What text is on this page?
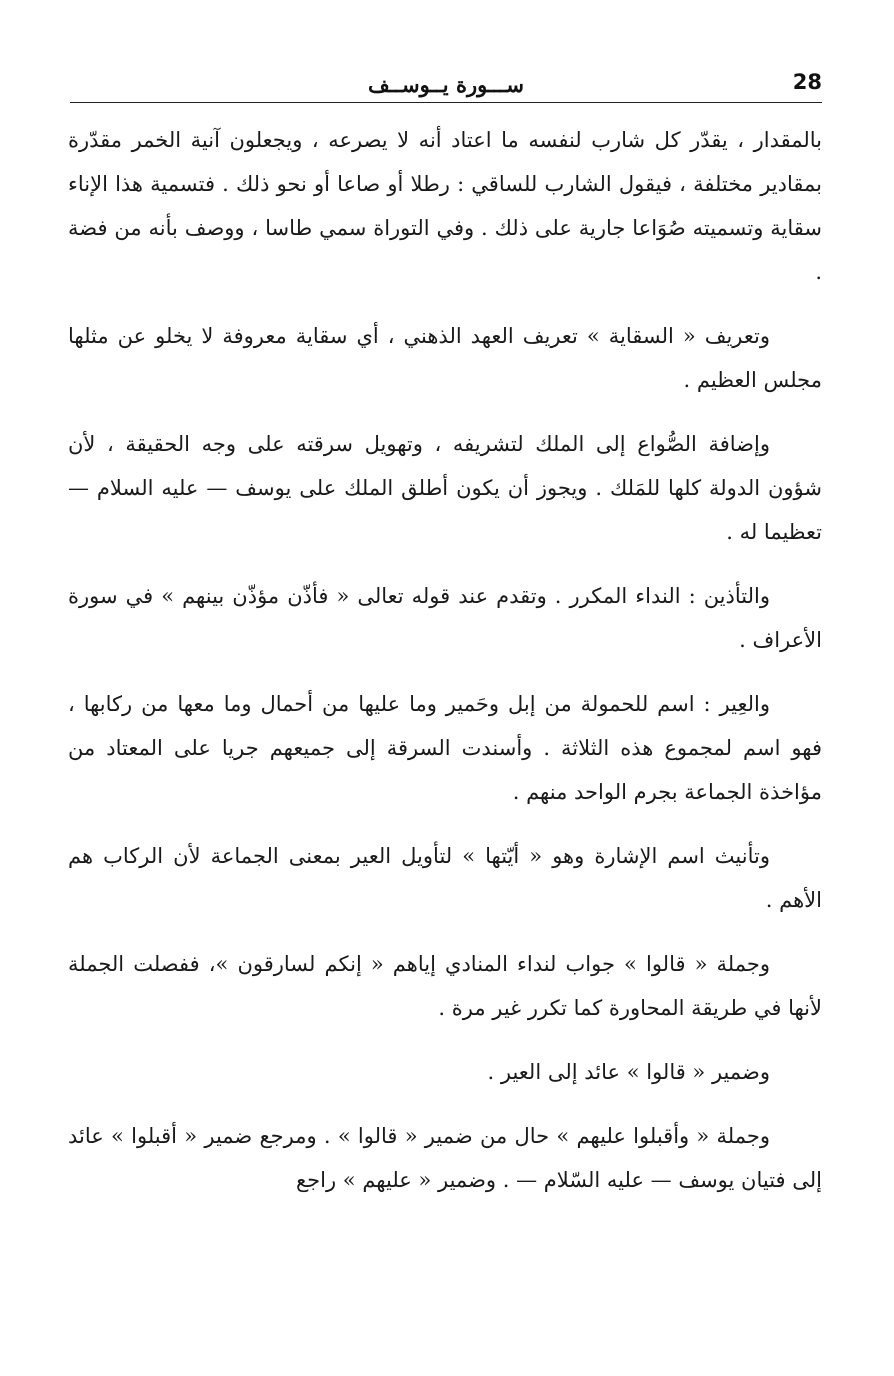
28
ســـورة يــوســف

بالمقدار ، يقدّر كل شارب لنفسه ما اعتاد أنه لا يصرعه ، ويجعلون آنية الخمر مقدّرة بمقادير مختلفة ، فيقول الشارب للساقي : رطلا أو صاعا أو نحو ذلك . فتسمية هذا الإناء سقاية وتسميته صُوَاعا جارية على ذلك . وفي التوراة سمي طاسا ، ووصف بأنه من فضة .

وتعريف « السقاية » تعريف العهد الذهني ، أي سقاية معروفة لا يخلو عن مثلها مجلس العظيم .

وإضافة الصُّواع إلى الملك لتشريفه ، وتهويل سرقته على وجه الحقيقة ، لأن شؤون الدولة كلها للمَلك . ويجوز أن يكون أطلق الملك على يوسف — عليه السلام — تعظيما له .

والتأذين : النداء المكرر . وتقدم عند قوله تعالى « فأذّن مؤذّن بينهم » في سورة الأعراف .

والعِير : اسم للحمولة من إبل وحَمير وما عليها من أحمال وما معها من ركابها ، فهو اسم لمجموع هذه الثلاثة . وأسندت السرقة إلى جميعهم جريا على المعتاد من مؤاخذة الجماعة بجرم الواحد منهم .

وتأنيث اسم الإشارة وهو « أيّتها » لتأويل العير بمعنى الجماعة لأن الركاب هم الأهم .

وجملة « قالوا » جواب لنداء المنادي إياهم « إنكم لسارقون »، ففصلت الجملة لأنها في طريقة المحاورة كما تكرر غير مرة .

وضمير « قالوا » عائد إلى العير .

وجملة « وأقبلوا عليهم » حال من ضمير « قالوا » . ومرجع ضمير « أقبلوا » عائد إلى فتيان يوسف — عليه السّلام — . وضمير « عليهم » راجع
